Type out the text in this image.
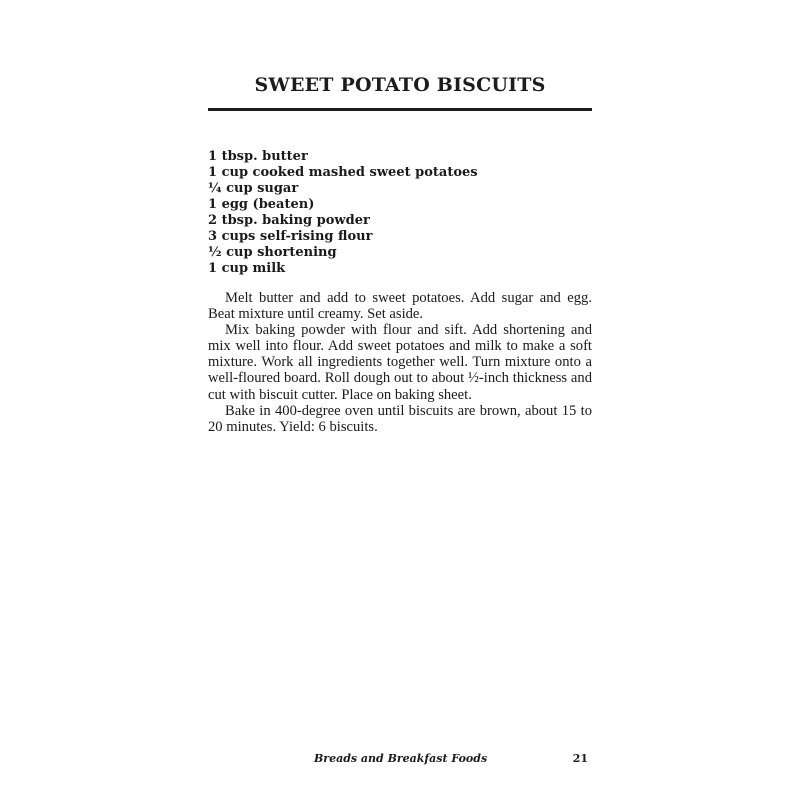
SWEET POTATO BISCUITS
1 tbsp. butter
1 cup cooked mashed sweet potatoes
¼ cup sugar
1 egg (beaten)
2 tbsp. baking powder
3 cups self-rising flour
½ cup shortening
1 cup milk

Melt butter and add to sweet potatoes. Add sugar and egg. Beat mixture until creamy. Set aside.

Mix baking powder with flour and sift. Add shortening and mix well into flour. Add sweet potatoes and milk to make a soft mixture. Work all ingredients together well. Turn mixture onto a well-floured board. Roll dough out to about ½-inch thickness and cut with biscuit cutter. Place on baking sheet.

Bake in 400-degree oven until biscuits are brown, about 15 to 20 minutes. Yield: 6 biscuits.

Breads and Breakfast Foods	21
